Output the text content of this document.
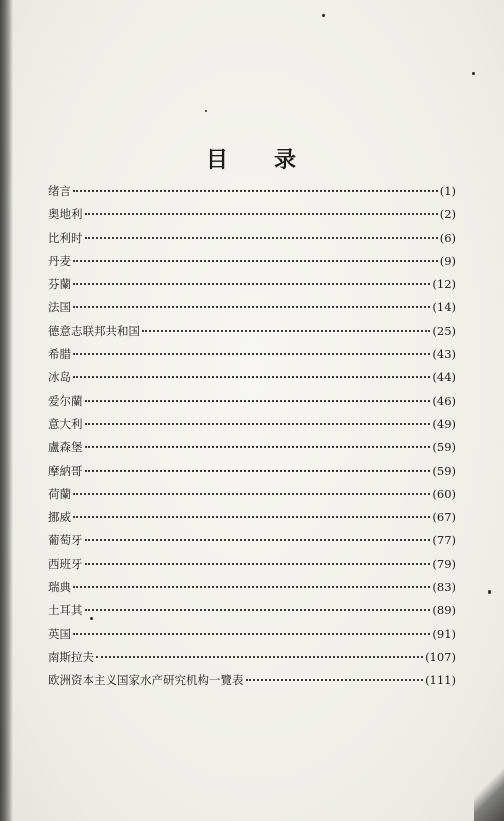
目 录
绪言	(1)
奥地利	(2)
比利时	(6)
丹麦	(9)
芬蘭	(12)
法国	(14)
德意志联邦共和国	(25)
希腊	(43)
冰岛	(44)
爱尔蘭	(46)
意大利	(49)
盧森堡	(59)
摩納哥	(59)
荷蘭	(60)
挪威	(67)
葡萄牙	(77)
西班牙	(79)
瑞典	(83)
土耳其	(89)
英国	(91)
南斯拉夫	(107)
欧洲资本主义国家水产研究机构一覽表	(111)
